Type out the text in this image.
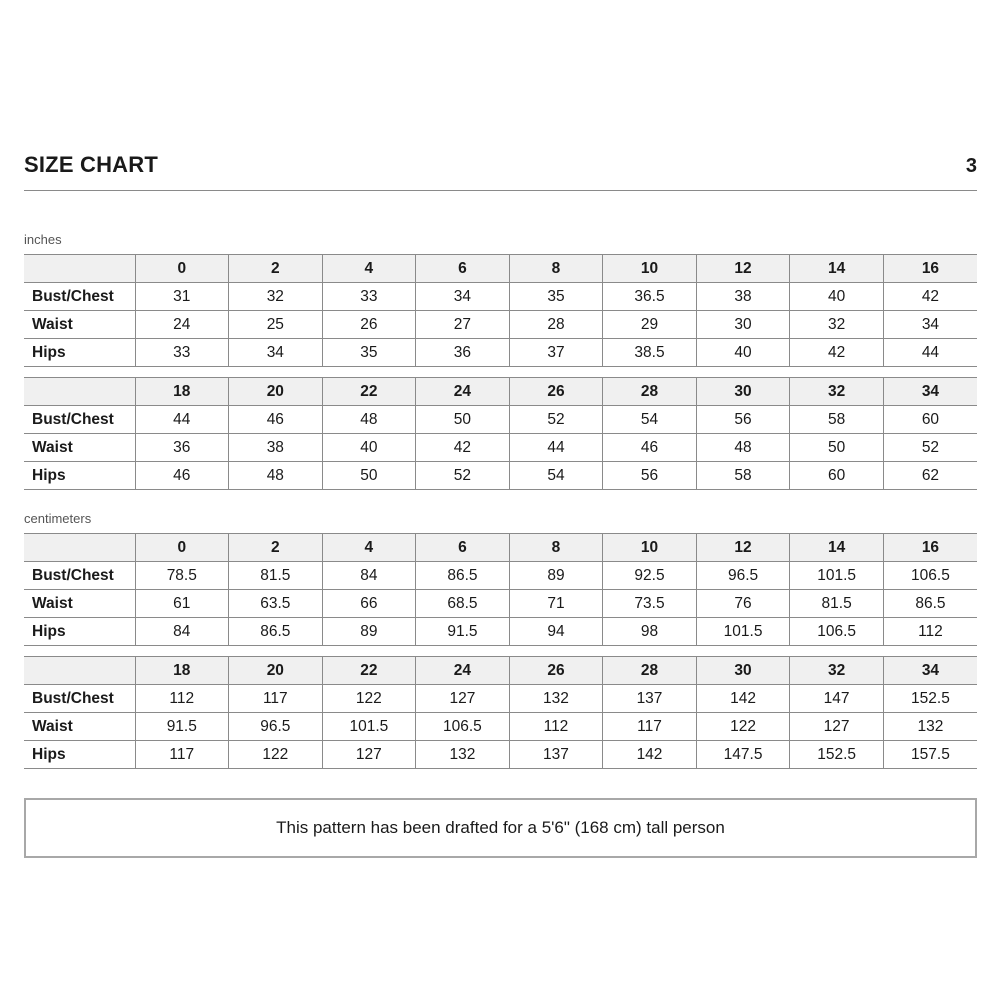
SIZE CHART	3
inches
	0	2	4	6	8	10	12	14	16
Bust/Chest	31	32	33	34	35	36.5	38	40	42
Waist	24	25	26	27	28	29	30	32	34
Hips	33	34	35	36	37	38.5	40	42	44
	18	20	22	24	26	28	30	32	34
Bust/Chest	44	46	48	50	52	54	56	58	60
Waist	36	38	40	42	44	46	48	50	52
Hips	46	48	50	52	54	56	58	60	62
centimeters
	0	2	4	6	8	10	12	14	16
Bust/Chest	78.5	81.5	84	86.5	89	92.5	96.5	101.5	106.5
Waist	61	63.5	66	68.5	71	73.5	76	81.5	86.5
Hips	84	86.5	89	91.5	94	98	101.5	106.5	112
	18	20	22	24	26	28	30	32	34
Bust/Chest	112	117	122	127	132	137	142	147	152.5
Waist	91.5	96.5	101.5	106.5	112	117	122	127	132
Hips	117	122	127	132	137	142	147.5	152.5	157.5
This pattern has been drafted for a 5'6" (168 cm) tall person
